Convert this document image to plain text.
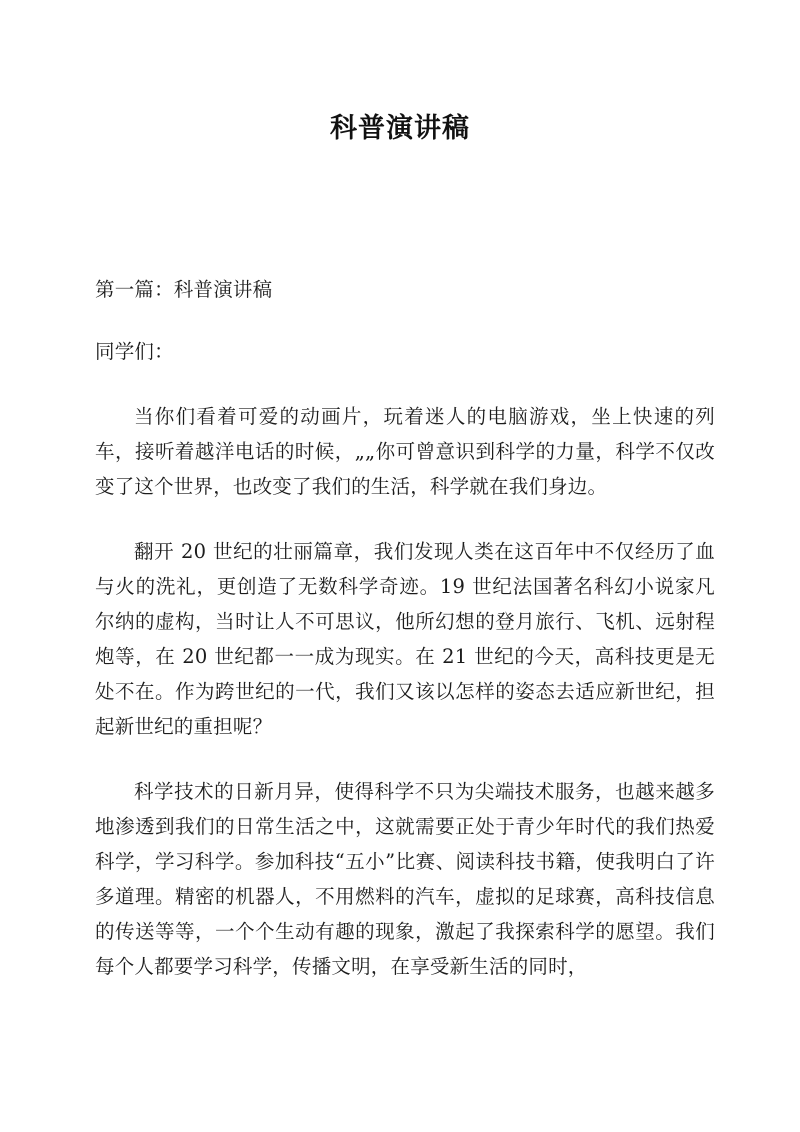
科普演讲稿

第一篇：科普演讲稿

同学们：

当你们看着可爱的动画片，玩着迷人的电脑游戏，坐上快速的列车，接听着越洋电话的时候，„„你可曾意识到科学的力量，科学不仅改变了这个世界，也改变了我们的生活，科学就在我们身边。

翻开 20 世纪的壮丽篇章，我们发现人类在这百年中不仅经历了血与火的洗礼，更创造了无数科学奇迹。19 世纪法国著名科幻小说家凡尔纳的虚构，当时让人不可思议，他所幻想的登月旅行、飞机、远射程炮等，在 20 世纪都一一成为现实。在 21 世纪的今天，高科技更是无处不在。作为跨世纪的一代，我们又该以怎样的姿态去适应新世纪，担起新世纪的重担呢？

科学技术的日新月异，使得科学不只为尖端技术服务，也越来越多地渗透到我们的日常生活之中，这就需要正处于青少年时代的我们热爱科学，学习科学。参加科技“五小”比赛、阅读科技书籍，使我明白了许多道理。精密的机器人，不用燃料的汽车，虚拟的足球赛，高科技信息的传送等等，一个个生动有趣的现象，激起了我探索科学的愿望。我们每个人都要学习科学，传播文明，在享受新生活的同时，
